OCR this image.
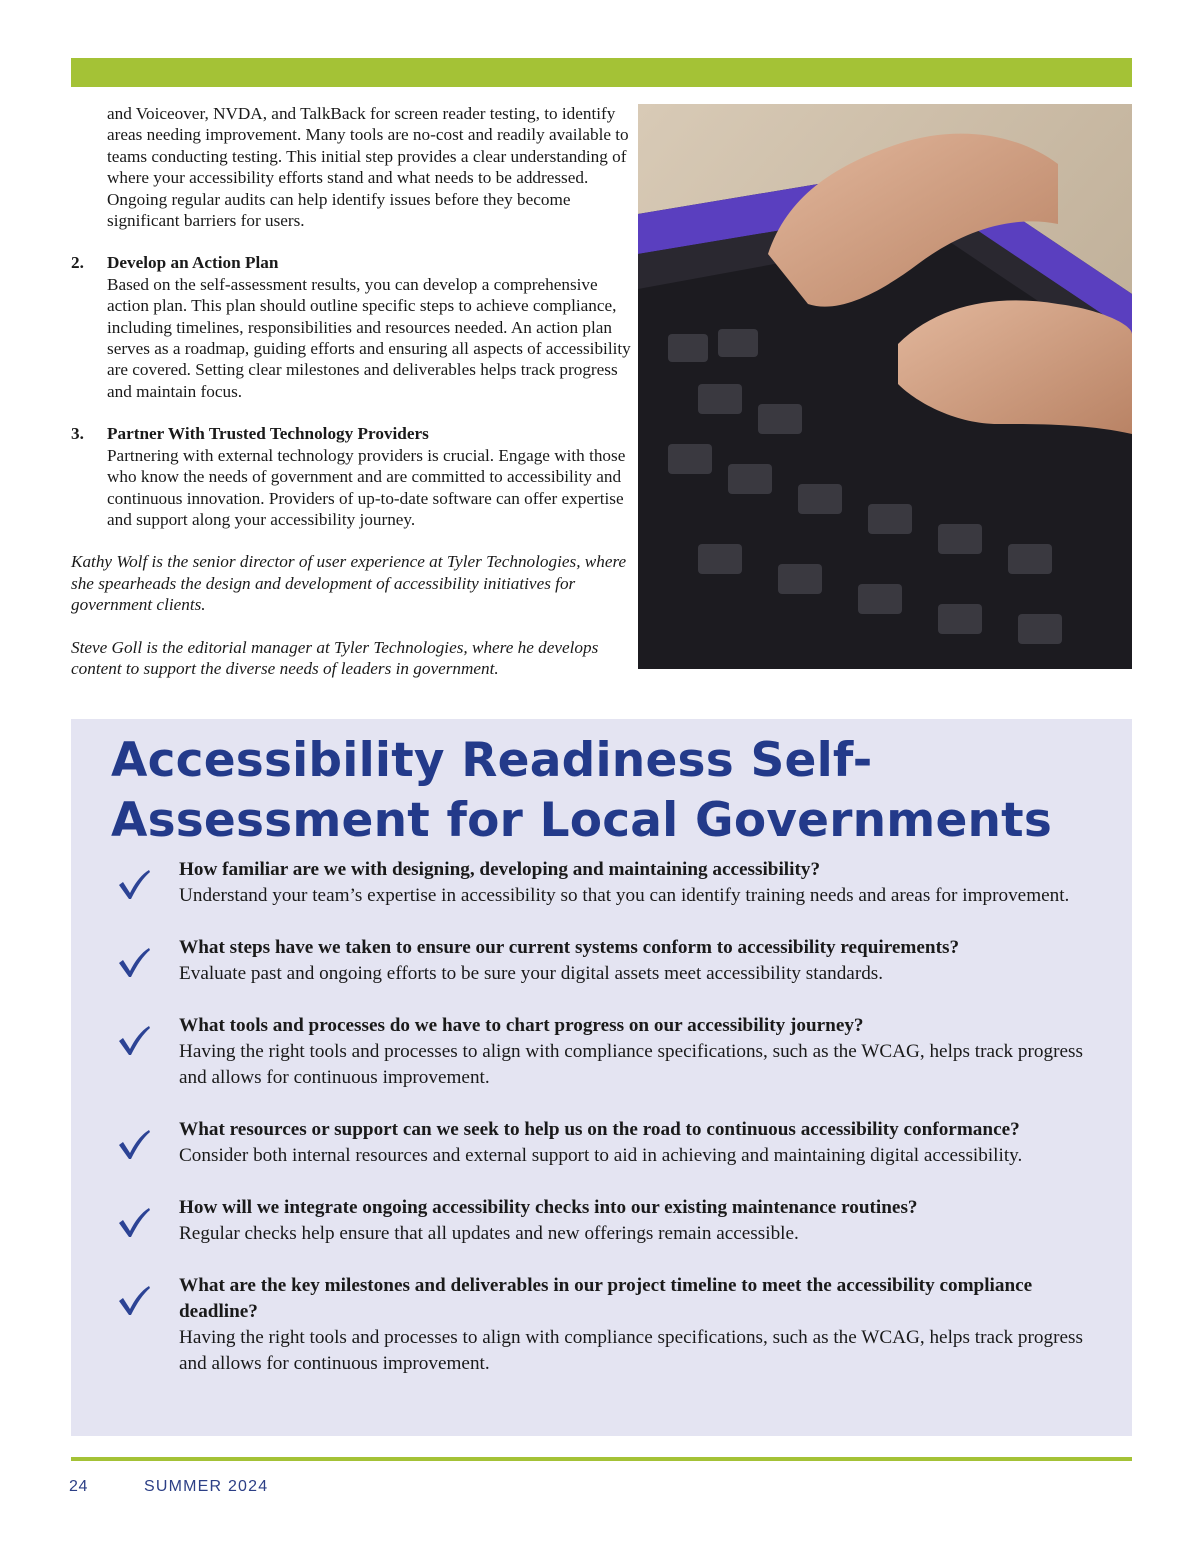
and Voiceover, NVDA, and TalkBack for screen reader testing, to identify areas needing improvement. Many tools are no-cost and readily available to teams conducting testing. This initial step provides a clear understanding of where your accessibility efforts stand and what needs to be addressed. Ongoing regular audits can help identify issues before they become significant barriers for users.

2.	Develop an Action Plan
Based on the self-assessment results, you can develop a comprehensive action plan. This plan should outline specific steps to achieve compliance, including timelines, responsibilities and resources needed. An action plan serves as a roadmap, guiding efforts and ensuring all aspects of accessibility are covered. Setting clear milestones and deliverables helps track progress and maintain focus.
3.	Partner With Trusted Technology Providers
Partnering with external technology providers is crucial. Engage with those who know the needs of government and are committed to accessibility and continuous innovation. Providers of up-to-date software can offer expertise and support along your accessibility journey.

Kathy Wolf is the senior director of user experience at Tyler Technologies, where she spearheads the design and development of accessibility initiatives for government clients.

Steve Goll is the editorial manager at Tyler Technologies, where he develops content to support the diverse needs of leaders in government.

Accessibility Readiness Self-Assessment for Local Governments
How familiar are we with designing, developing and maintaining accessibility?
Understand your team’s expertise in accessibility so that you can identify training needs and areas for improvement.
What steps have we taken to ensure our current systems conform to accessibility requirements?
Evaluate past and ongoing efforts to be sure your digital assets meet accessibility standards.
What tools and processes do we have to chart progress on our accessibility journey?
Having the right tools and processes to align with compliance specifications, such as the WCAG, helps track progress and allows for continuous improvement.
What resources or support can we seek to help us on the road to continuous accessibility conformance?
Consider both internal resources and external support to aid in achieving and maintaining digital accessibility.
How will we integrate ongoing accessibility checks into our existing maintenance routines?
Regular checks help ensure that all updates and new offerings remain accessible.
What are the key milestones and deliverables in our project timeline to meet the accessibility compliance deadline?
Having the right tools and processes to align with compliance specifications, such as the WCAG, helps track progress and allows for continuous improvement.
24	SUMMER 2024
